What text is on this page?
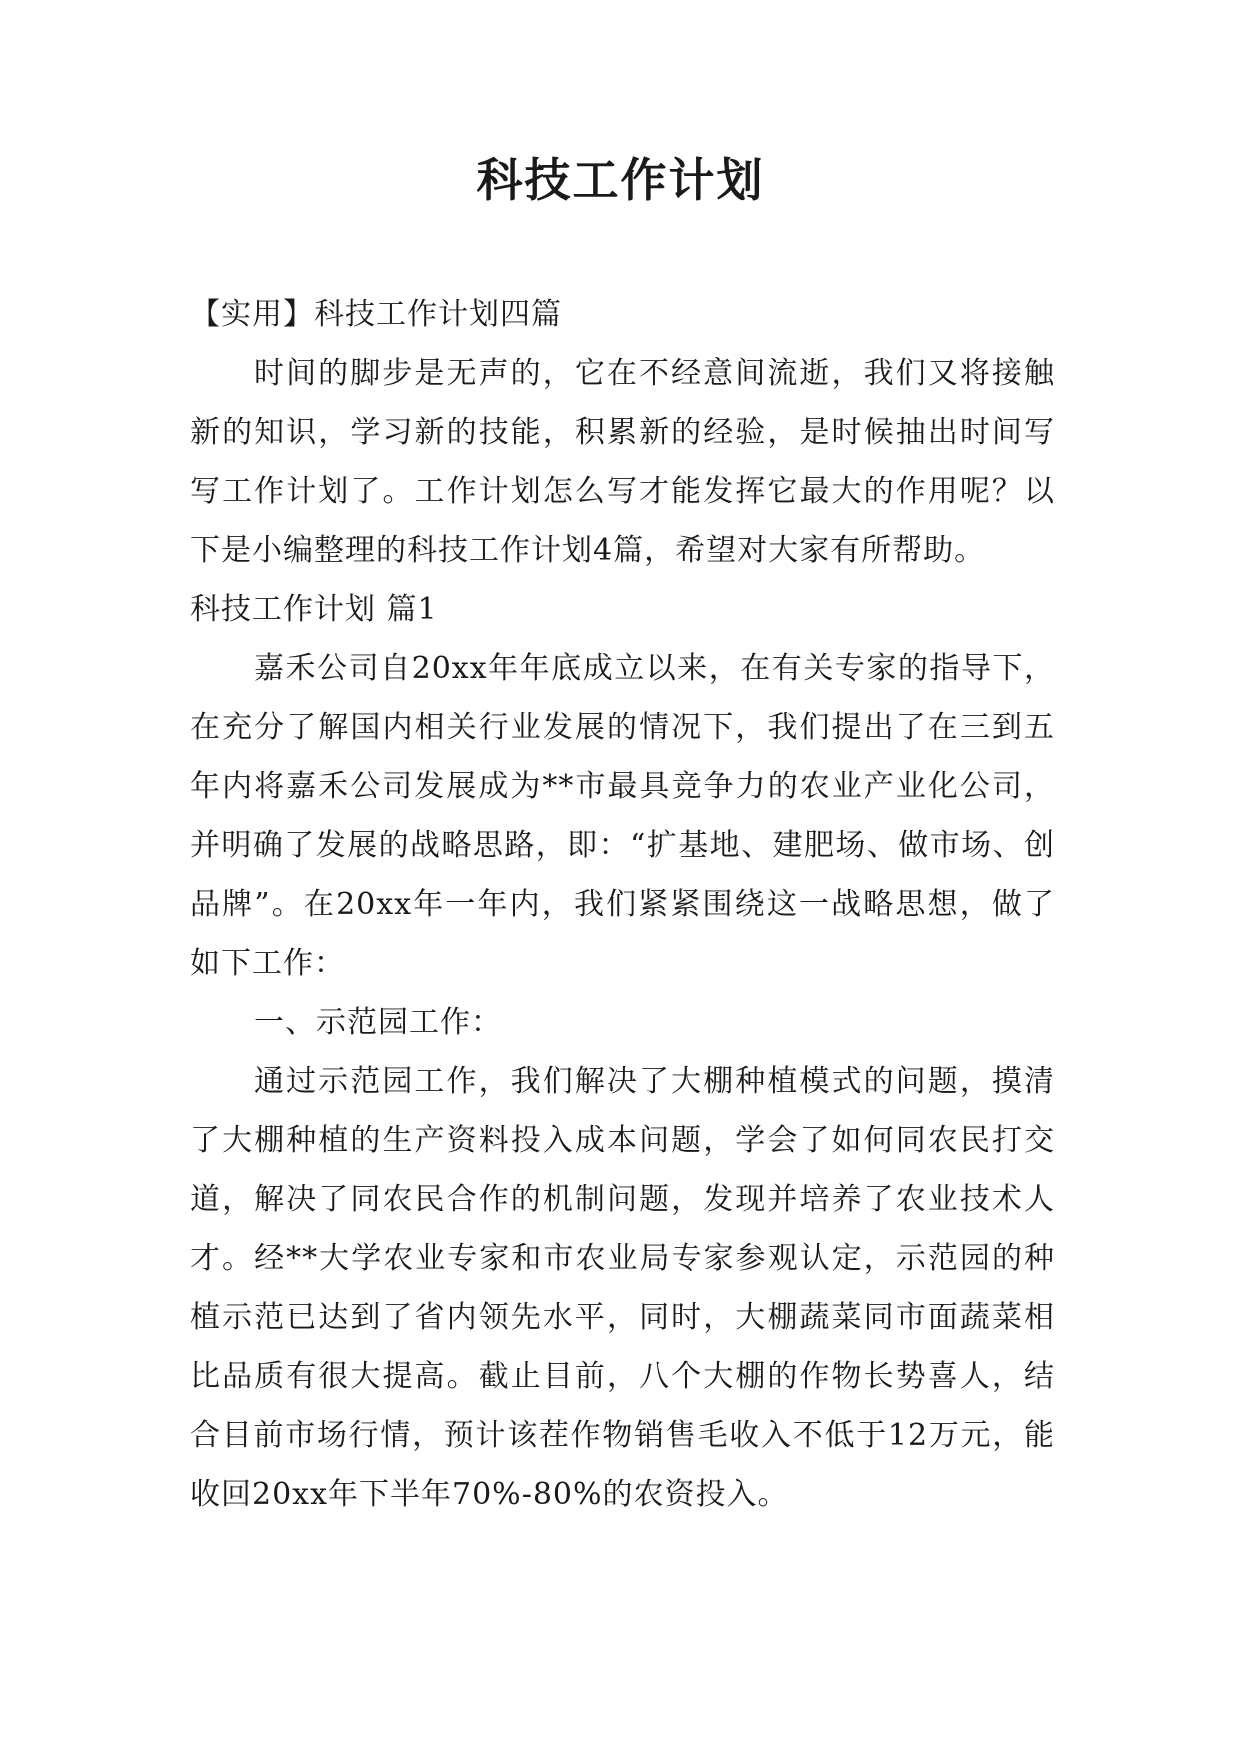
科技工作计划

【实用】科技工作计划四篇

时间的脚步是无声的，它在不经意间流逝，我们又将接触新的知识，学习新的技能，积累新的经验，是时候抽出时间写写工作计划了。工作计划怎么写才能发挥它最大的作用呢？以下是小编整理的科技工作计划4篇，希望对大家有所帮助。

科技工作计划 篇1

嘉禾公司自20xx年年底成立以来，在有关专家的指导下，在充分了解国内相关行业发展的情况下，我们提出了在三到五年内将嘉禾公司发展成为**市最具竞争力的农业产业化公司，并明确了发展的战略思路，即：“扩基地、建肥场、做市场、创品牌”。在20xx年一年内，我们紧紧围绕这一战略思想，做了如下工作：

一、示范园工作：

通过示范园工作，我们解决了大棚种植模式的问题，摸清了大棚种植的生产资料投入成本问题，学会了如何同农民打交道，解决了同农民合作的机制问题，发现并培养了农业技术人才。经**大学农业专家和市农业局专家参观认定，示范园的种植示范已达到了省内领先水平，同时，大棚蔬菜同市面蔬菜相比品质有很大提高。截止目前，八个大棚的作物长势喜人，结合目前市场行情，预计该茬作物销售毛收入不低于12万元，能收回20xx年下半年70%-80%的农资投入。
